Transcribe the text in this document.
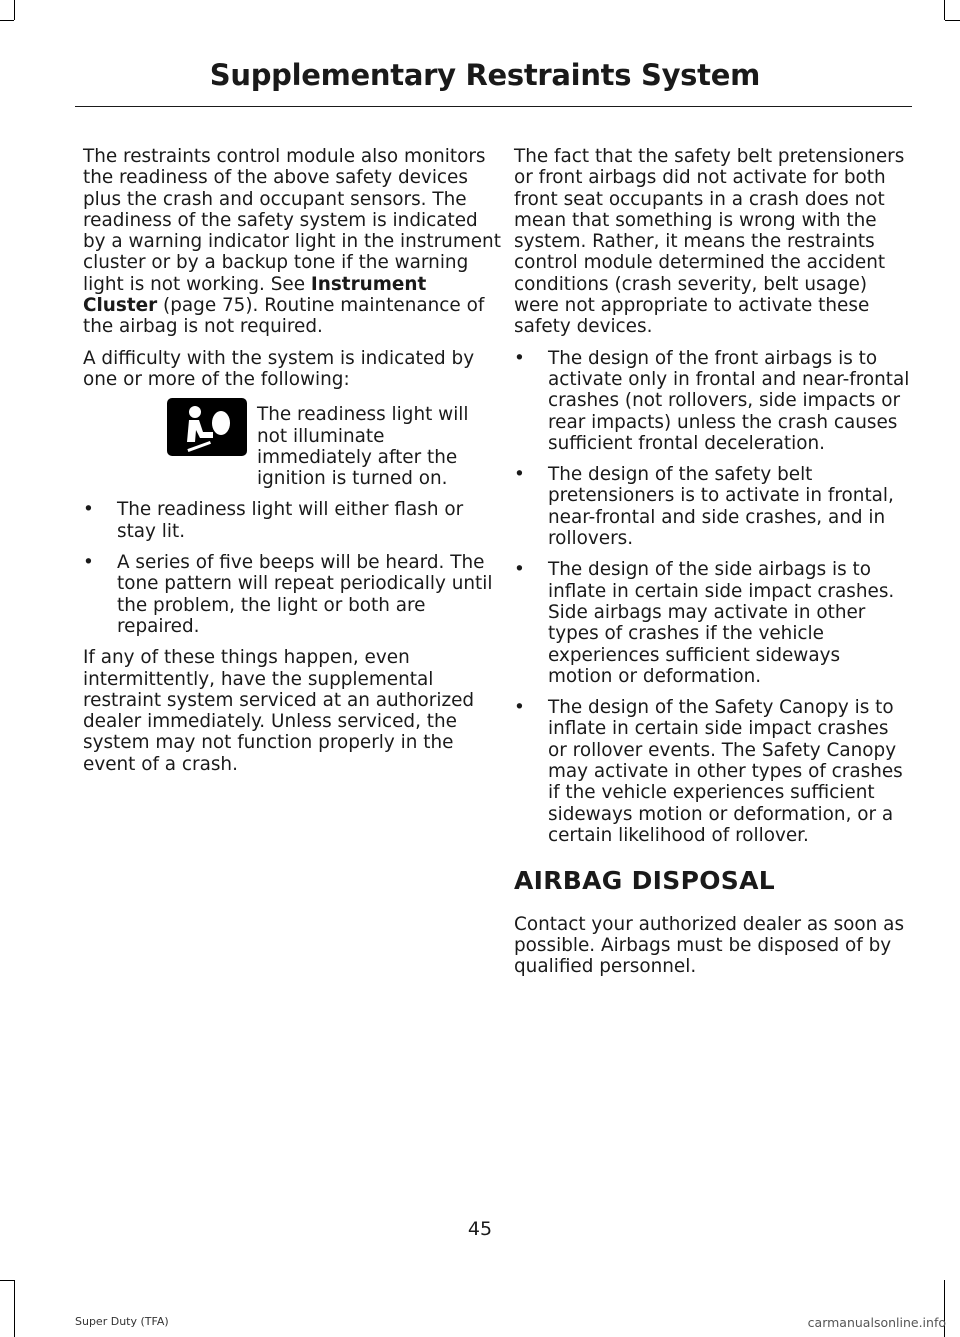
Supplementary Restraints System

The restraints control module also monitors the readiness of the above safety devices plus the crash and occupant sensors. The readiness of the safety system is indicated by a warning indicator light in the instrument cluster or by a backup tone if the warning light is not working. See Instrument Cluster (page 75). Routine maintenance of the airbag is not required.

A difficulty with the system is indicated by one or more of the following:

The readiness light will not illuminate immediately after the ignition is turned on.
• The readiness light will either flash or stay lit.
• A series of five beeps will be heard. The tone pattern will repeat periodically until the problem, the light or both are repaired.

If any of these things happen, even intermittently, have the supplemental restraint system serviced at an authorized dealer immediately. Unless serviced, the system may not function properly in the event of a crash.

The fact that the safety belt pretensioners or front airbags did not activate for both front seat occupants in a crash does not mean that something is wrong with the system. Rather, it means the restraints control module determined the accident conditions (crash severity, belt usage) were not appropriate to activate these safety devices.

• The design of the front airbags is to activate only in frontal and near-frontal crashes (not rollovers, side impacts or rear impacts) unless the crash causes sufficient frontal deceleration.
• The design of the safety belt pretensioners is to activate in frontal, near-frontal and side crashes, and in rollovers.
• The design of the side airbags is to inflate in certain side impact crashes. Side airbags may activate in other types of crashes if the vehicle experiences sufficient sideways motion or deformation.
• The design of the Safety Canopy is to inflate in certain side impact crashes or rollover events. The Safety Canopy may activate in other types of crashes if the vehicle experiences sufficient sideways motion or deformation, or a certain likelihood of rollover.
AIRBAG DISPOSAL

Contact your authorized dealer as soon as possible. Airbags must be disposed of by qualified personnel.

45
Super Duty (TFA)	carmanualsonline.info
